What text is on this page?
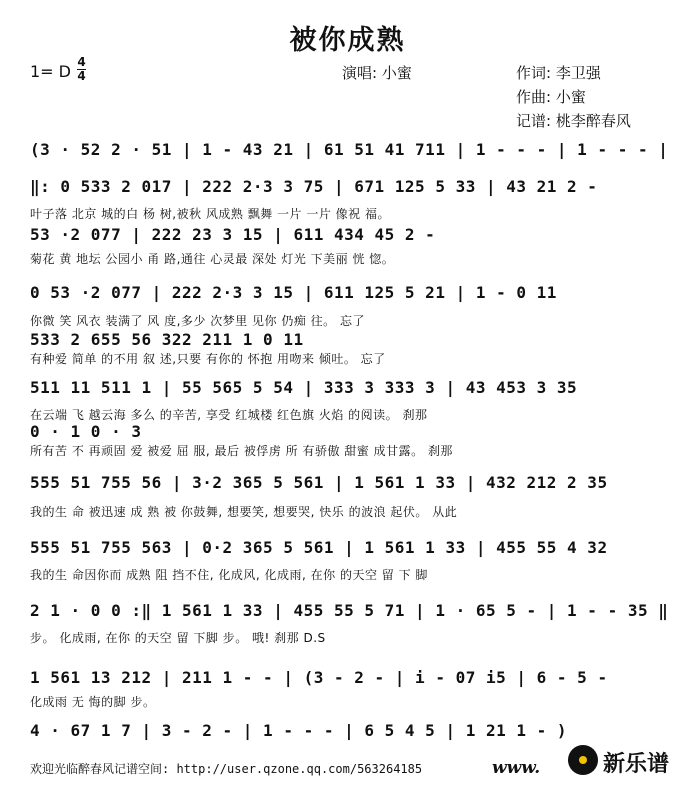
被你成熟
1= D 4
4	演唱: 小蜜	作词: 李卫强
作曲: 小蜜
记谱: 桃李醉春风
(3 · 52 2 · 51 | 1 - 43 21 | 61 51 41 711 | 1 - - - | 1 - - - |
‖: 0 533 2 017 | 222 2·3 3 75 | 671 125 5 33 | 43 21 2 -
叶子落 北京 城的白 杨 树,被秋 风成熟 飘舞 一片 一片 像祝 福。
53 ·2 077 | 222 23 3 15 | 611 434 45 2 -
菊花 黄 地坛 公园小 甬 路,通往 心灵最 深处 灯光 下美丽 恍 惚。
0 53 ·2 077 | 222 2·3 3 15 | 611 125 5 21 | 1 - 0 11
你微 笑 风衣 装满了 风 度,多少 次梦里 见你 仍痴 往。 忘了
533 2 655 56 322 211 1 0 11
有种爱 简单 的不用 叙 述,只要 有你的 怀抱 用吻来 倾吐。 忘了
511 11 511 1 | 55 565 5 54 | 333 3 333 3 | 43 453 3 35
在云端 飞 越云海 多么 的辛苦, 享受 红城楼 红色旗 火焰 的阅读。 刹那
0 · 1 0 · 3
所有苦 不 再顽固 爱 被爱 屈 服, 最后 被俘虏 所 有骄傲 甜蜜 成甘露。 刹那
555 51 755 56 | 3·2 365 5 561 | 1 561 1 33 | 432 212 2 35
我的生 命 被迅速 成 熟 被 你鼓舞, 想要笑, 想要哭, 快乐 的波浪 起伏。 从此
555 51 755 563 | 0·2 365 5 561 | 1 561 1 33 | 455 55 4 32
我的生 命因你而 成熟 阻 挡不住, 化成风, 化成雨, 在你 的天空 留 下 脚
2 1 · 0 0 :‖ 1 561 1 33 | 455 55 5 71 | 1 · 65 5 - | 1 - - 35 ‖
步。 化成雨, 在你 的天空 留 下脚 步。 哦! 刹那 D.S
1 561 13 212 | 211 1 - - | (3 - 2 - | i - 07 i5 | 6 - 5 -
化成雨 无 悔的脚 步。
4 · 67 1 7 | 3 - 2 - | 1 - - - | 6 5 4 5 | 1 21 1 - )
欢迎光临醉春风记谱空间: http://user.qzone.qq.com/563264185	www.	新乐谱
